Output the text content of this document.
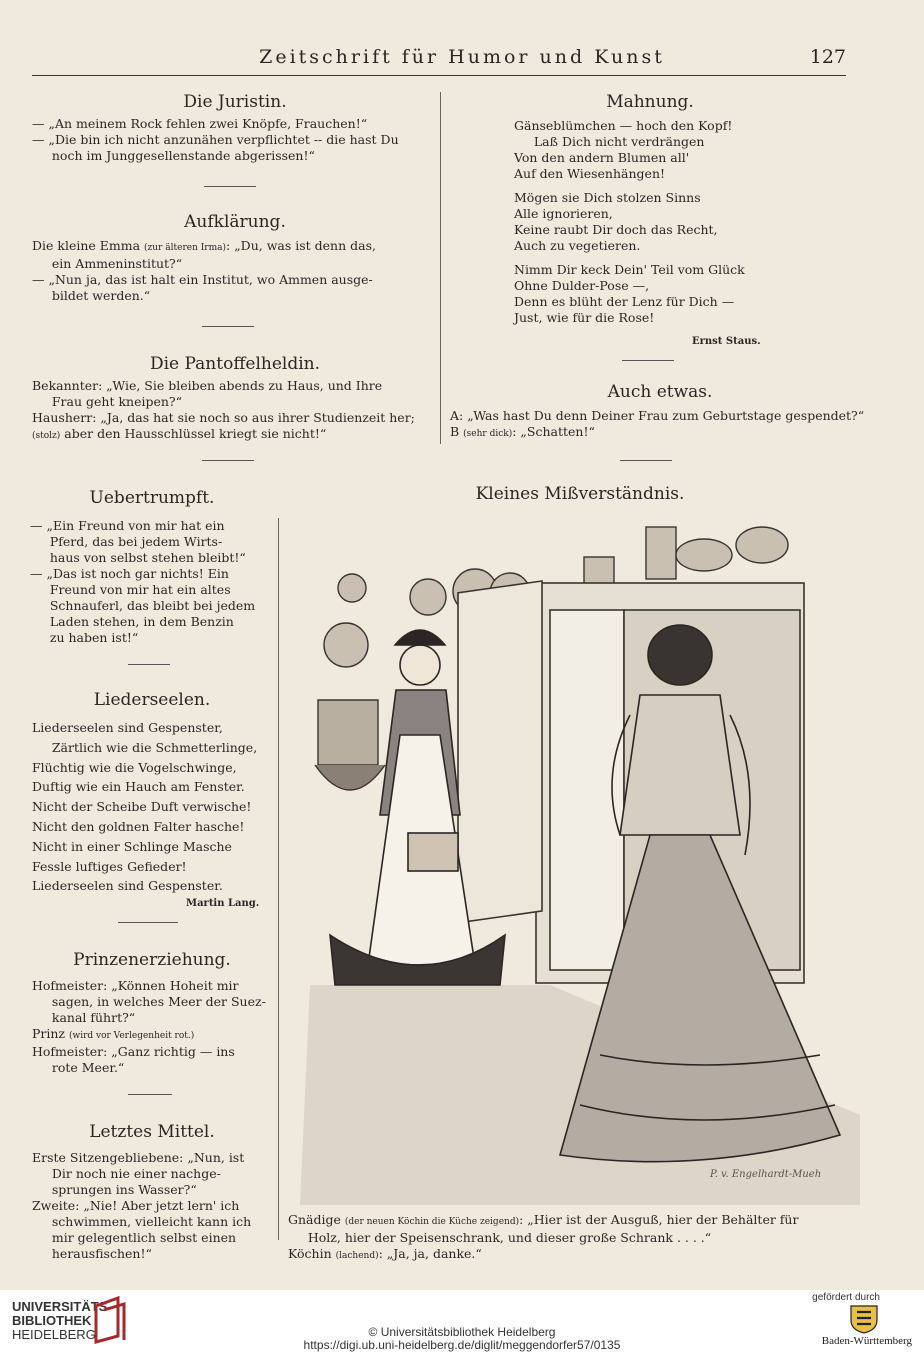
Zeitschrift für Humor und Kunst	127
Die Juristin.
— „An meinem Rock fehlen zwei Knöpfe, Frauchen!“
— „Die bin ich nicht anzunähen verpflichtet -- die hast Du
noch im Junggesellenstande abgerissen!“
Aufklärung.
Die kleine Emma (zur älteren Irma): „Du, was ist denn das,
ein Ammeninstitut?“
— „Nun ja, das ist halt ein Institut, wo Ammen ausge-
bildet werden.“
Die Pantoffelheldin.
Bekannter: „Wie, Sie bleiben abends zu Haus, und Ihre
Frau geht kneipen?“
Hausherr: „Ja, das hat sie noch so aus ihrer Studienzeit her;
(stolz) aber den Hausschlüssel kriegt sie nicht!“
Uebertrumpft.
— „Ein Freund von mir hat ein
Pferd, das bei jedem Wirts-
haus von selbst stehen bleibt!“
— „Das ist noch gar nichts! Ein
Freund von mir hat ein altes
Schnauferl, das bleibt bei jedem
Laden stehen, in dem Benzin
zu haben ist!“
Liederseelen.
Liederseelen sind Gespenster,
Zärtlich wie die Schmetterlinge,
Flüchtig wie die Vogelschwinge,
Duftig wie ein Hauch am Fenster.
Nicht der Scheibe Duft verwische!
Nicht den goldnen Falter hasche!
Nicht in einer Schlinge Masche
Fessle luftiges Gefieder!
Liederseelen sind Gespenster.
Martin Lang.
Prinzenerziehung.
Hofmeister: „Können Hoheit mir
sagen, in welches Meer der Suez-
kanal führt?“
Prinz (wird vor Verlegenheit rot.)
Hofmeister: „Ganz richtig — ins
rote Meer.“
Letztes Mittel.
Erste Sitzengebliebene: „Nun, ist
Dir noch nie einer nachge-
sprungen ins Wasser?“
Zweite: „Nie! Aber jetzt lern' ich
schwimmen, vielleicht kann ich
mir gelegentlich selbst einen
herausfischen!“
Mahnung.
Gänseblümchen — hoch den Kopf!
Laß Dich nicht verdrängen
Von den andern Blumen all'
Auf den Wiesenhängen!
Mögen sie Dich stolzen Sinns
Alle ignorieren,
Keine raubt Dir doch das Recht,
Auch zu vegetieren.
Nimm Dir keck Dein' Teil vom Glück
Ohne Dulder-Pose —,
Denn es blüht der Lenz für Dich —
Just, wie für die Rose!
Ernst Staus.
Auch etwas.
A: „Was hast Du denn Deiner Frau zum Geburtstage gespendet?“
B (sehr dick): „Schatten!“
Kleines Mißverständnis.
P. v. Engelhardt-Mueh
Gnädige (der neuen Köchin die Küche zeigend): „Hier ist der Ausguß, hier der Behälter für
Holz, hier der Speisenschrank, und dieser große Schrank . . . .“
Köchin (lachend): „Ja, ja, danke.“
UNIVERSITÄTS-
BIBLIOTHEK
HEIDELBERG	© Universitätsbibliothek Heidelberg
https://digi.ub.uni-heidelberg.de/diglit/meggendorfer57/0135
gefördert durch
Baden-Württemberg
